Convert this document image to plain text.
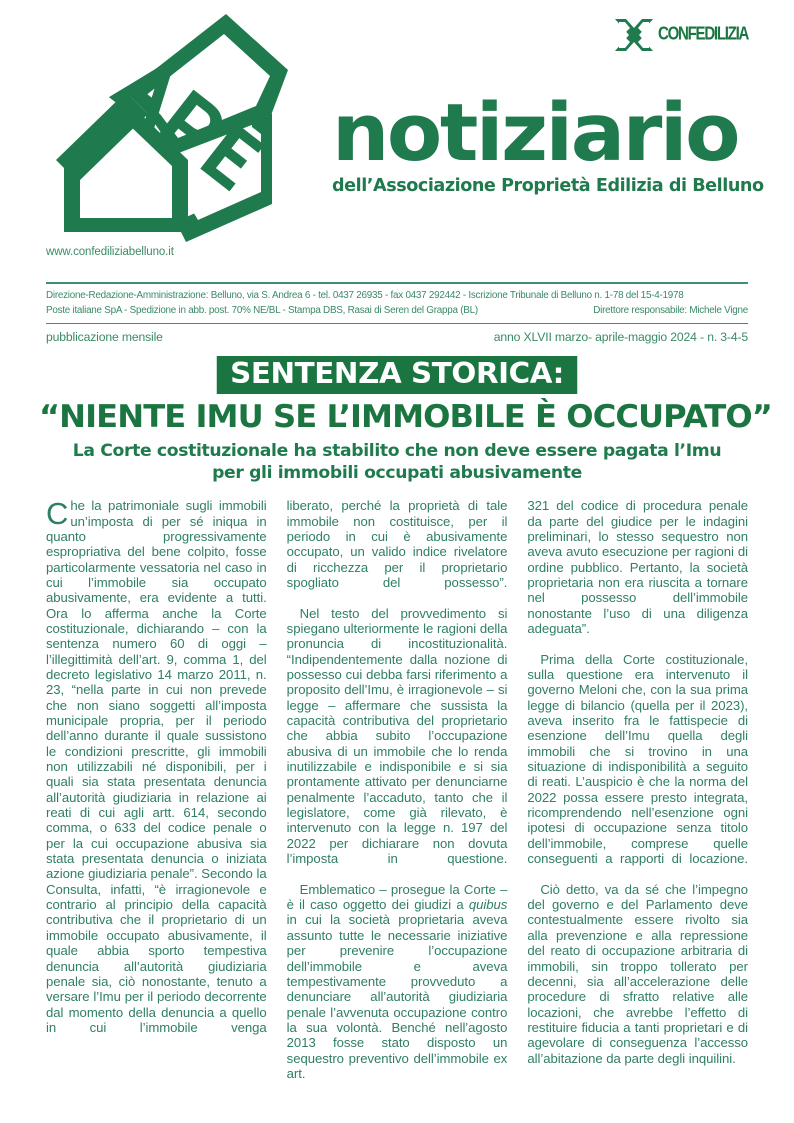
CONFEDILIZIA
notiziario
dell’Associazione Proprietà Edilizia di Belluno
www.confediliziabelluno.it
Direzione-Redazione-Amministrazione: Belluno, via S. Andrea 6 - tel. 0437 26935 - fax 0437 292442 - Iscrizione Tribunale di Belluno n. 1-78 del 15-4-1978
Poste italiane SpA - Spedizione in abb. post. 70% NE/BL - Stampa DBS, Rasai di Seren del Grappa (BL)	Direttore responsabile: Michele Vigne
pubblicazione mensile	anno XLVII marzo- aprile-maggio 2024 - n. 3-4-5
SENTENZA STORICA:
“NIENTE IMU SE L’IMMOBILE È OCCUPATO”
La Corte costituzionale ha stabilito che non deve essere pagata l’Imu
per gli immobili occupati abusivamente

Che la patrimoniale sugli immobili un’imposta di per sé iniqua in quanto progressivamente espropriativa del bene colpito, fosse particolarmente vessatoria nel caso in cui l’immobile sia occupato abusivamente, era evidente a tutti. Ora lo afferma anche la Corte costituzionale, dichiarando – con la sentenza numero 60 di oggi – l’illegittimità dell’art. 9, comma 1, del decreto legislativo 14 marzo 2011, n. 23, “nella parte in cui non prevede che non siano soggetti all’imposta municipale propria, per il periodo dell’anno durante il quale sussistono le condizioni prescritte, gli immobili non utilizzabili né disponibili, per i quali sia stata presentata denuncia all’autorità giudiziaria in relazione ai reati di cui agli artt. 614, secondo comma, o 633 del codice penale o per la cui occupazione abusiva sia stata presentata denuncia o iniziata azione giudiziaria penale”. Secondo la Consulta, infatti, “è irragionevole e contrario al principio della capacità contributiva che il proprietario di un immobile occupato abusivamente, il quale abbia sporto tempestiva denuncia all’autorità giudiziaria penale sia, ciò nonostante, tenuto a versare l’Imu per il periodo decorrente dal momento della denuncia a quello in cui l’immobile venga

liberato, perché la proprietà di tale immobile non costituisce, per il periodo in cui è abusivamente occupato, un valido indice rivelatore di ricchezza per il proprietario spogliato del possesso”.

Nel testo del provvedimento si spiegano ulteriormente le ragioni della pronuncia di incostituzionalità. “Indipendentemente dalla nozione di possesso cui debba farsi riferimento a proposito dell’Imu, è irragionevole – si legge – affermare che sussista la capacità contributiva del proprietario che abbia subito l’occupazione abusiva di un immobile che lo renda inutilizzabile e indisponibile e si sia prontamente attivato per denunciarne penalmente l’accaduto, tanto che il legislatore, come già rilevato, è intervenuto con la legge n. 197 del 2022 per dichiarare non dovuta l’imposta in questione.

Emblematico – prosegue la Corte – è il caso oggetto dei giudizi a quibus in cui la società proprietaria aveva assunto tutte le necessarie iniziative per prevenire l’occupazione dell’immobile e aveva tempestivamente provveduto a denunciare all’autorità giudiziaria penale l’avvenuta occupazione contro la sua volontà. Benché nell’agosto 2013 fosse stato disposto un sequestro preventivo dell’immobile ex art.

321 del codice di procedura penale da parte del giudice per le indagini preliminari, lo stesso sequestro non aveva avuto esecuzione per ragioni di ordine pubblico. Pertanto, la società proprietaria non era riuscita a tornare nel possesso dell’immobile nonostante l’uso di una diligenza adeguata”.

Prima della Corte costituzionale, sulla questione era intervenuto il governo Meloni che, con la sua prima legge di bilancio (quella per il 2023), aveva inserito fra le fattispecie di esenzione dell’Imu quella degli immobili che si trovino in una situazione di indisponibilità a seguito di reati. L’auspicio è che la norma del 2022 possa essere presto integrata, ricomprendendo nell’esenzione ogni ipotesi di occupazione senza titolo dell’immobile, comprese quelle conseguenti a rapporti di locazione.

Ciò detto, va da sé che l’impegno del governo e del Parlamento deve contestualmente essere rivolto sia alla prevenzione e alla repressione del reato di occupazione arbitraria di immobili, sin troppo tollerato per decenni, sia all’accelerazione delle procedure di sfratto relative alle locazioni, che avrebbe l’effetto di restituire fiducia a tanti proprietari e di agevolare di conseguenza l’accesso all’abitazione da parte degli inquilini.
